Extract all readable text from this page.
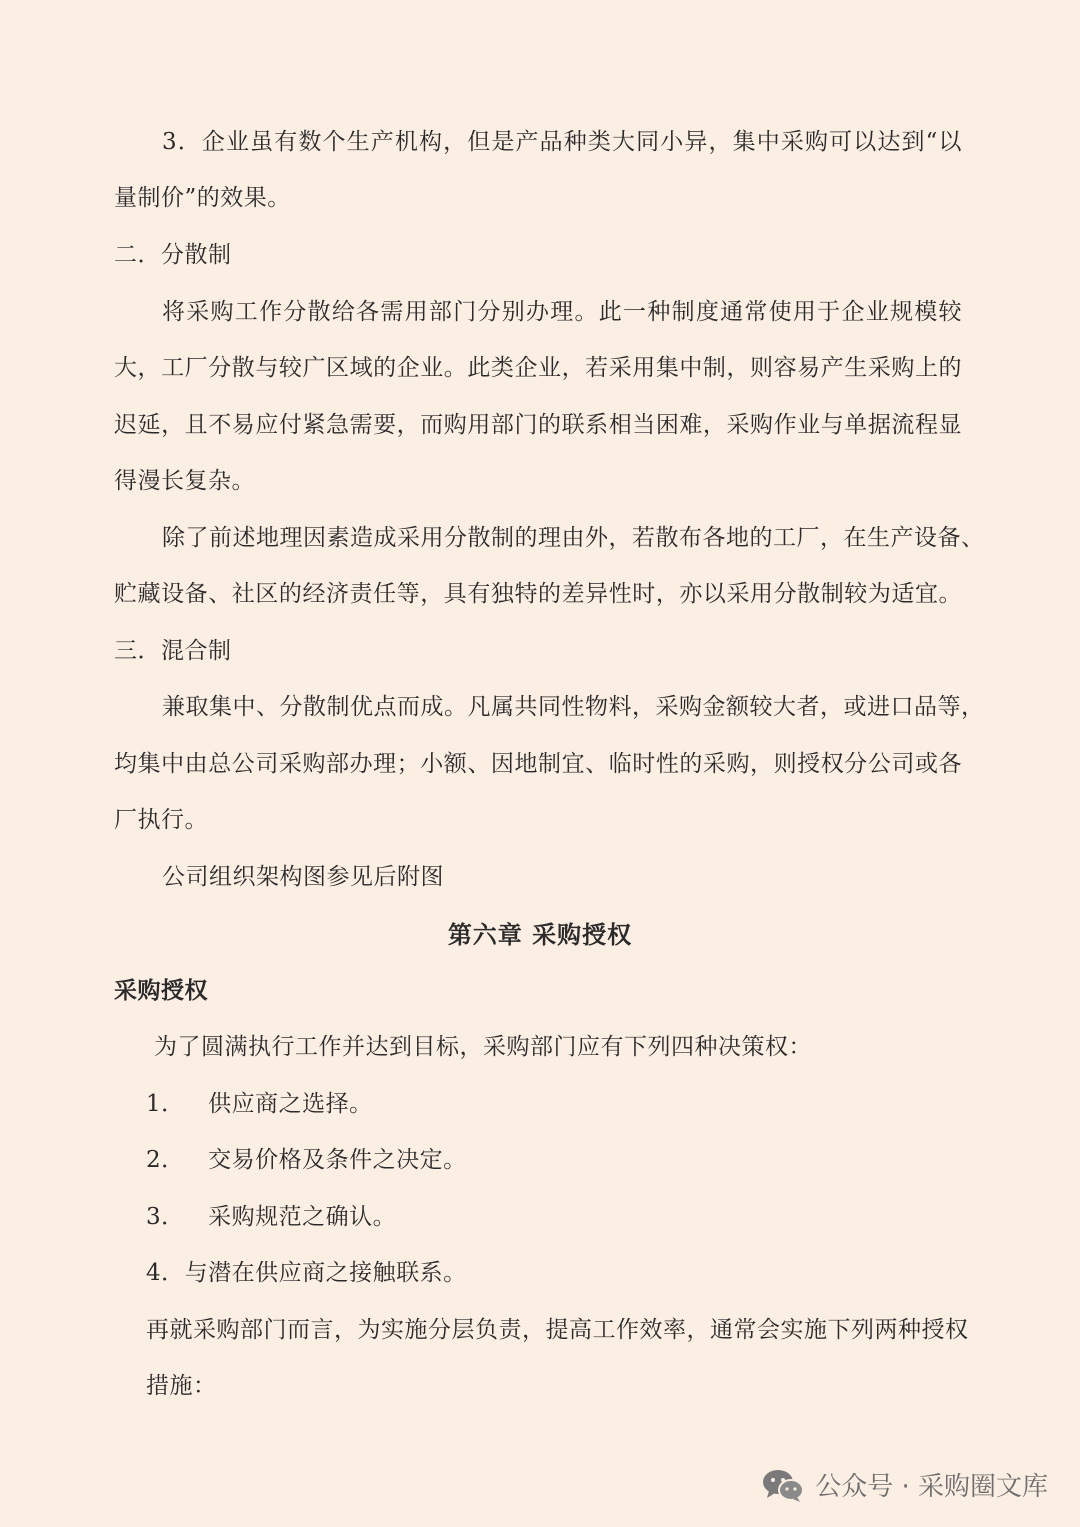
3．企业虽有数个生产机构，但是产品种类大同小异，集中采购可以达到“以
量制价”的效果。
二．分散制
将采购工作分散给各需用部门分别办理。此一种制度通常使用于企业规模较
大，工厂分散与较广区域的企业。此类企业，若采用集中制，则容易产生采购上的
迟延，且不易应付紧急需要，而购用部门的联系相当困难，采购作业与单据流程显
得漫长复杂。
除了前述地理因素造成采用分散制的理由外，若散布各地的工厂，在生产设备、
贮藏设备、社区的经济责任等，具有独特的差异性时，亦以采用分散制较为适宜。
三．混合制
兼取集中、分散制优点而成。凡属共同性物料，采购金额较大者，或进口品等，
均集中由总公司采购部办理；小额、因地制宜、临时性的采购，则授权分公司或各
厂执行。
公司组织架构图参见后附图
第六章 采购授权
采购授权
为了圆满执行工作并达到目标，采购部门应有下列四种决策权：
1．   供应商之选择。
2．   交易价格及条件之决定。
3．   采购规范之确认。
4．与潜在供应商之接触联系。
再就采购部门而言，为实施分层负责，提高工作效率，通常会实施下列两种授权
措施：
公众号 · 采购圈文库
